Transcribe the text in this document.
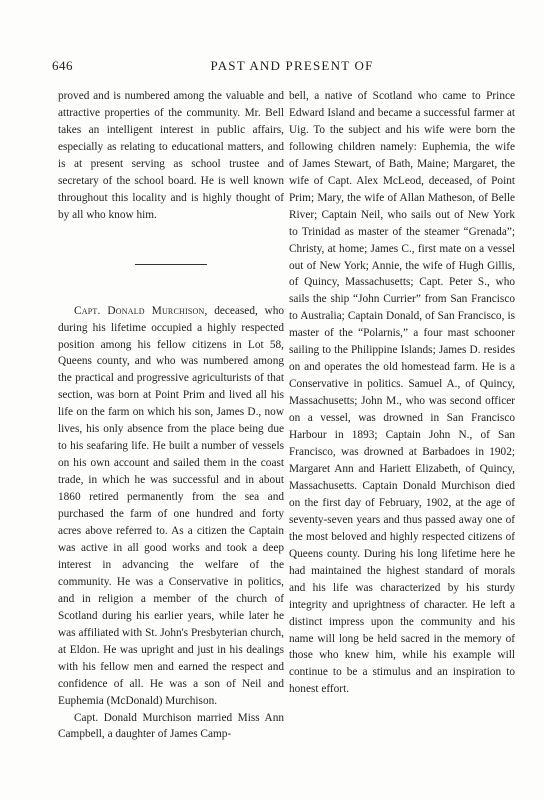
646	PAST AND PRESENT OF

proved and is numbered among the valuable and attractive properties of the community. Mr. Bell takes an intelligent interest in public affairs, especially as relating to educational matters, and is at present serving as school trustee and secretary of the school board. He is well known throughout this locality and is highly thought of by all who know him.

Capt. Donald Murchison, deceased, who during his lifetime occupied a highly respected position among his fellow citizens in Lot 58, Queens county, and who was numbered among the practical and progressive agriculturists of that section, was born at Point Prim and lived all his life on the farm on which his son, James D., now lives, his only absence from the place being due to his seafaring life. He built a number of vessels on his own account and sailed them in the coast trade, in which he was successful and in about 1860 retired permanently from the sea and purchased the farm of one hundred and forty acres above referred to. As a citizen the Captain was active in all good works and took a deep interest in advancing the welfare of the community. He was a Conservative in politics, and in religion a member of the church of Scotland during his earlier years, while later he was affiliated with St. John's Presbyterian church, at Eldon. He was upright and just in his dealings with his fellow men and earned the respect and confidence of all. He was a son of Neil and Euphemia (McDonald) Murchison.

Capt. Donald Murchison married Miss Ann Campbell, a daughter of James Camp-

bell, a native of Scotland who came to Prince Edward Island and became a successful farmer at Uig. To the subject and his wife were born the following children namely: Euphemia, the wife of James Stewart, of Bath, Maine; Margaret, the wife of Capt. Alex McLeod, deceased, of Point Prim; Mary, the wife of Allan Matheson, of Belle River; Captain Neil, who sails out of New York to Trinidad as master of the steamer “Grenada”; Christy, at home; James C., first mate on a vessel out of New York; Annie, the wife of Hugh Gillis, of Quincy, Massachusetts; Capt. Peter S., who sails the ship “John Currier” from San Francisco to Australia; Captain Donald, of San Francisco, is master of the “Polarnis,” a four mast schooner sailing to the Philippine Islands; James D. resides on and operates the old homestead farm. He is a Conservative in politics. Samuel A., of Quincy, Massachusetts; John M., who was second officer on a vessel, was drowned in San Francisco Harbour in 1893; Captain John N., of San Francisco, was drowned at Barbadoes in 1902; Margaret Ann and Hariett Elizabeth, of Quincy, Massachusetts. Captain Donald Murchison died on the first day of February, 1902, at the age of seventy-seven years and thus passed away one of the most beloved and highly respected citizens of Queens county. During his long lifetime here he had maintained the highest standard of morals and his life was characterized by his sturdy integrity and uprightness of character. He left a distinct impress upon the community and his name will long be held sacred in the memory of those who knew him, while his example will continue to be a stimulus and an inspiration to honest effort.
